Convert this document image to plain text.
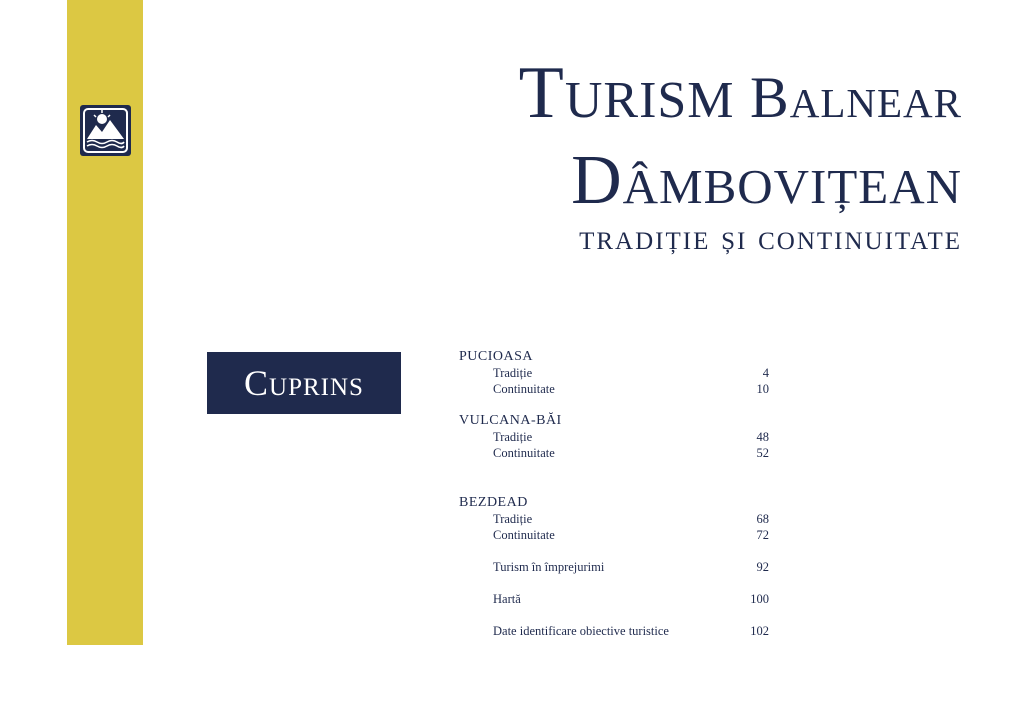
Turism Balnear
Dâmbovițean
tradiție și continuitate
Cuprins
PUCIOASA
Tradiție	4
Continuitate	10
VULCANA-BĂI
Tradiție	48
Continuitate	52
BEZDEAD
Tradiție	68
Continuitate	72
Turism în împrejurimi	92
Hartă	100
Date identificare obiective turistice	102
